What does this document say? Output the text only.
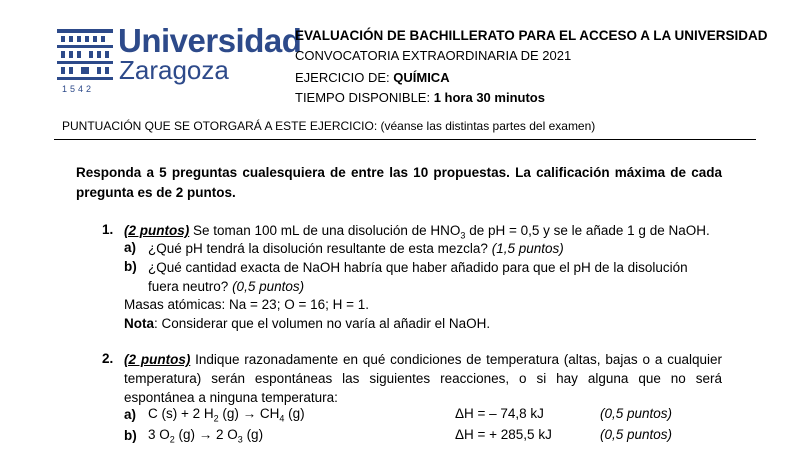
Universidad
Zaragoza
1542
EVALUACIÓN DE BACHILLERATO PARA EL ACCESO A LA UNIVERSIDAD
CONVOCATORIA EXTRAORDINARIA DE 2021
EJERCICIO DE: QUÍMICA
TIEMPO DISPONIBLE: 1 hora 30 minutos
PUNTUACIÓN QUE SE OTORGARÁ A ESTE EJERCICIO: (véanse las distintas partes del examen)
Responda a 5 preguntas cualesquiera de entre las 10 propuestas. La calificación máxima de cada pregunta es de 2 puntos.
1. (2 puntos) Se toman 100 mL de una disolución de $HNO_3$ de pH = 0,5 y se le añade 1 g de NaOH.
a) ¿Qué pH tendrá la disolución resultante de esta mezcla? (1,5 puntos)
b) ¿Qué cantidad exacta de NaOH habría que haber añadido para que el pH de la disolución fuera neutro? (0,5 puntos)
Masas atómicas: Na = 23; O = 16; H = 1.
Nota: Considerar que el volumen no varía al añadir el NaOH.
2. (2 puntos) Indique razonadamente en qué condiciones de temperatura (altas, bajas o a cualquier temperatura) serán espontáneas las siguientes reacciones, o si hay alguna que no será espontánea a ninguna temperatura:
a) C (s) + 2 $H_2$ $(g) \to CH_4$ (g)	ΔH = – 74,8 kJ	(0,5 puntos)
b) 3 $O_2$ (g) → 2 $O_3$ (g)	ΔH = + 285,5 kJ	(0,5 puntos)
